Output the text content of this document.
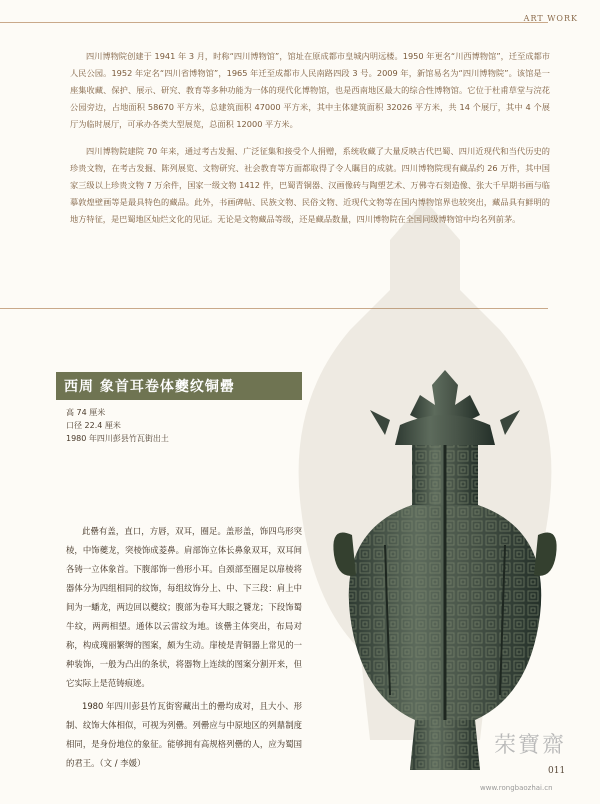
ART WORK

四川博物院创建于 1941 年 3 月，时称“四川博物馆”，馆址在原成都市皇城内明远楼。1950 年更名“川西博物馆”，迁至成都市人民公园。1952 年定名“四川省博物馆”，1965 年迁至成都市人民南路四段 3 号。2009 年，新馆易名为“四川博物院”。该馆是一座集收藏、保护、展示、研究、教育等多种功能为一体的现代化博物馆，也是西南地区最大的综合性博物馆。它位于杜甫草堂与浣花公园旁边，占地面积 58670 平方米，总建筑面积 47000 平方米，其中主体建筑面积 32026 平方米，共 14 个展厅，其中 4 个展厅为临时展厅，可承办各类大型展览，总面积 12000 平方米。

四川博物院建院 70 年来，通过考古发掘、广泛征集和接受个人捐赠，系统收藏了大量反映古代巴蜀、四川近现代和当代历史的珍贵文物，在考古发掘、陈列展览、文物研究、社会教育等方面都取得了令人瞩目的成就。四川博物院现有藏品约 26 万件，其中国家三级以上珍贵文物 7 万余件，国家一级文物 1412 件，巴蜀青铜器、汉画像砖与陶塑艺术、万佛寺石刻造像、张大千早期书画与临摹敦煌壁画等是最具特色的藏品。此外，书画碑帖、民族文物、民俗文物、近现代文物等在国内博物馆界也较突出，藏品具有鲜明的地方特征，是巴蜀地区灿烂文化的见证。无论是文物藏品等级，还是藏品数量，四川博物院在全国同级博物馆中均名列前茅。

西周 象首耳卷体夔纹铜罍
高 74 厘米
口径 22.4 厘米
1980 年四川彭县竹瓦街出土

此罍有盖，直口，方唇，双耳，圈足。盖形盖，饰四鸟形突棱，中饰夔龙，突棱饰成菱鼻。肩部饰立体长鼻象双耳，双耳间各铸一立体象首。下腹部饰一兽形小耳。自颈部至圈足以扉棱将器体分为四组相同的纹饰，每组纹饰分上、中、下三段：肩上中间为一蟠龙，两边回以夔纹；腹部为卷耳大眼之饕龙；下段饰蜀牛纹，两两相望。通体以云雷纹为地。该罍主体突出，布局对称，构成瑰丽繁缛的图案，颇为生动。扉棱是青铜器上常见的一种装饰，一般为凸出的条状，将器物上连续的图案分割开来，但它实际上是范铸痕迹。

1980 年四川彭县竹瓦街窖藏出土的罍均成对，且大小、形制、纹饰大体相似，可视为列罍。列罍应与中原地区的列鼎制度相同，是身份地位的象征。能够拥有高规格列罍的人，应为蜀国的君王。（文 / 李媛）

荣寶齋
011
www.rongbaozhai.cn
